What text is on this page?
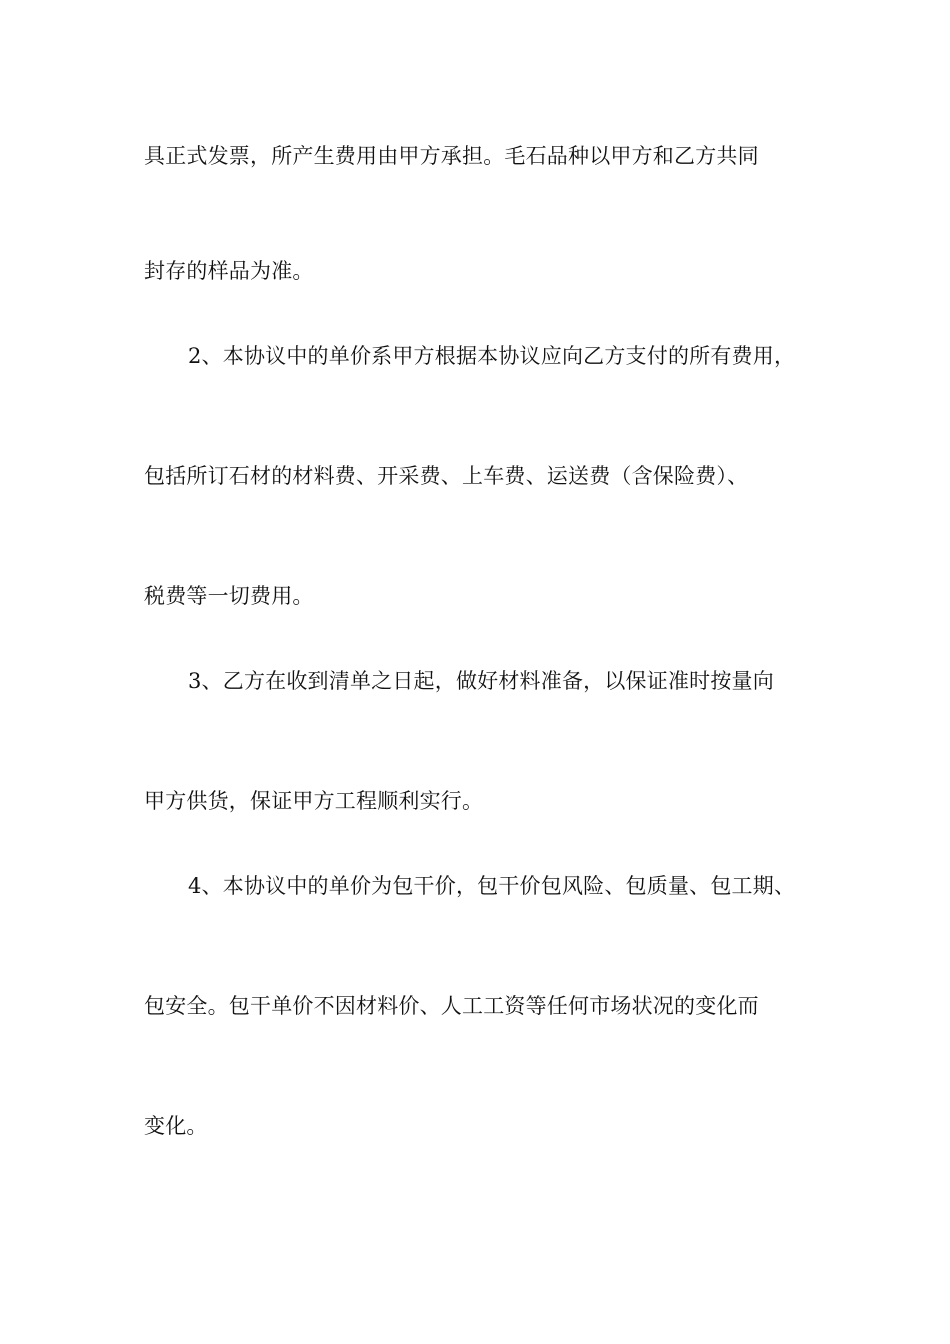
具正式发票，所产生费用由甲方承担。毛石品种以甲方和乙方共同

封存的样品为准。

2、本协议中的单价系甲方根据本协议应向乙方支付的所有费用，

包括所订石材的材料费、开采费、上车费、运送费（含保险费）、

税费等一切费用。

3、乙方在收到清单之日起，做好材料准备，以保证准时按量向

甲方供货，保证甲方工程顺利实行。

4、本协议中的单价为包干价，包干价包风险、包质量、包工期、

包安全。包干单价不因材料价、人工工资等任何市场状况的变化而

变化。
